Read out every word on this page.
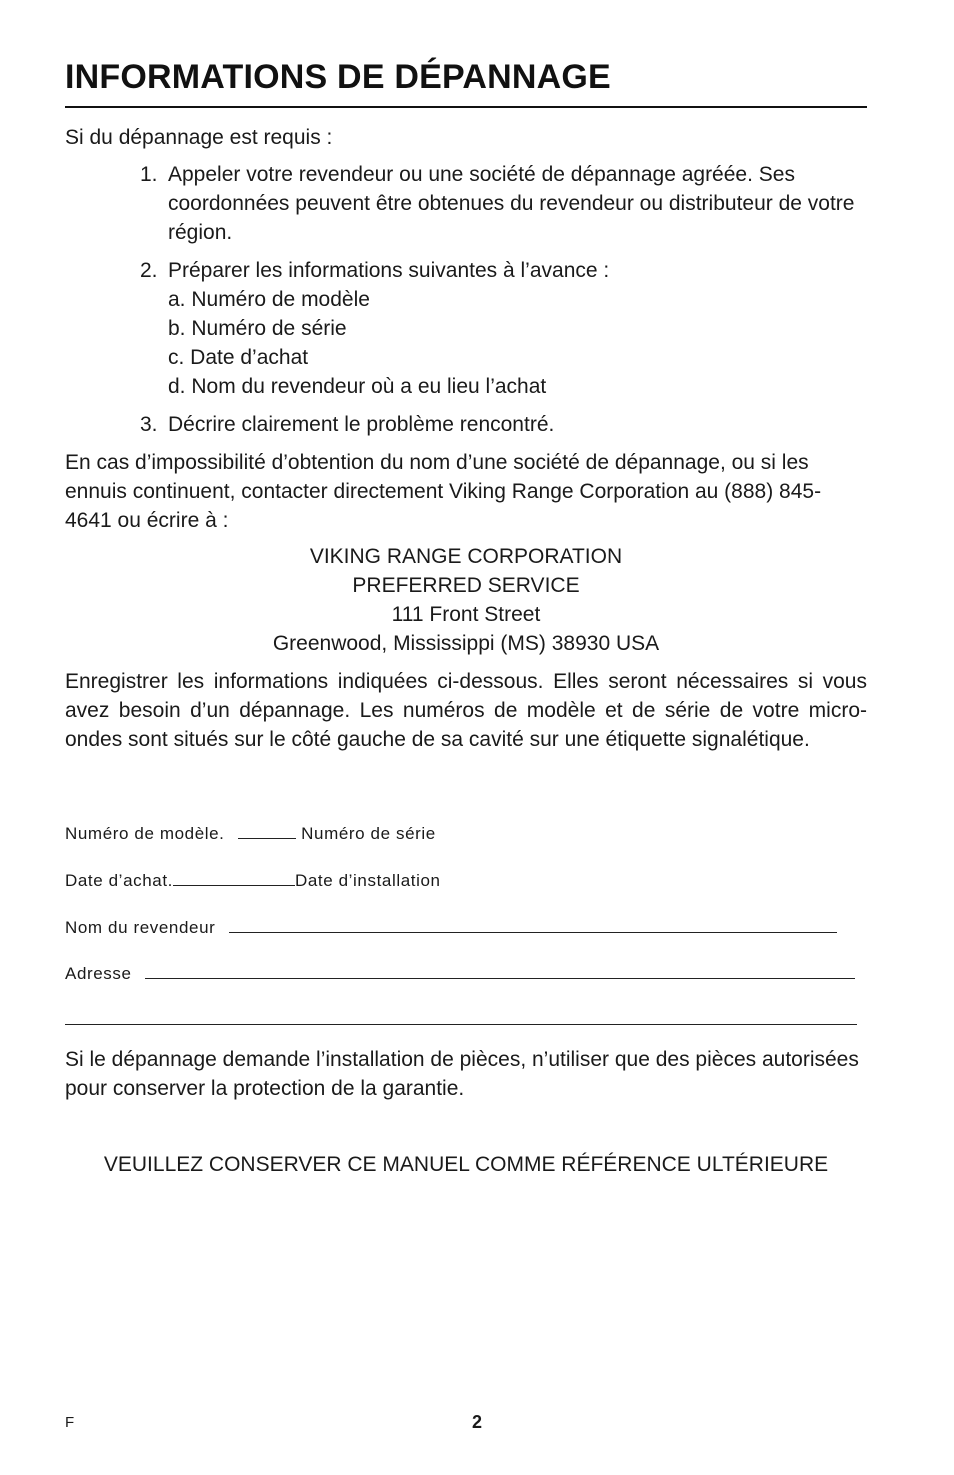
INFORMATIONS DE DÉPANNAGE
Si du dépannage est requis :
1. Appeler votre revendeur ou une société de dépannage agréée. Ses coordonnées peuvent être obtenues du revendeur ou distributeur de votre région.
2. Préparer les informations suivantes à l’avance :
a. Numéro de modèle
b. Numéro de série
c. Date d’achat
d. Nom du revendeur où a eu lieu l’achat
3. Décrire clairement le problème rencontré.
En cas d’impossibilité d’obtention du nom d’une société de dépannage, ou si les ennuis continuent, contacter directement Viking Range Corporation au (888) 845-4641 ou écrire à :
VIKING RANGE CORPORATION
PREFERRED SERVICE
111 Front Street
Greenwood, Mississippi (MS) 38930 USA
Enregistrer les informations indiquées ci-dessous. Elles seront nécessaires si vous avez besoin d’un dépannage. Les numéros de modèle et de série de votre micro-ondes sont situés sur le côté gauche de sa cavité sur une étiquette signalétique.
Numéro de modèle.	Numéro de série
Date d’achat.	Date d’installation
Nom du revendeur
Adresse
Si le dépannage demande l’installation de pièces, n’utiliser que des pièces autorisées pour conserver la protection de la garantie.
VEUILLEZ CONSERVER CE MANUEL COMME RÉFÉRENCE ULTÉRIEURE
F	2
